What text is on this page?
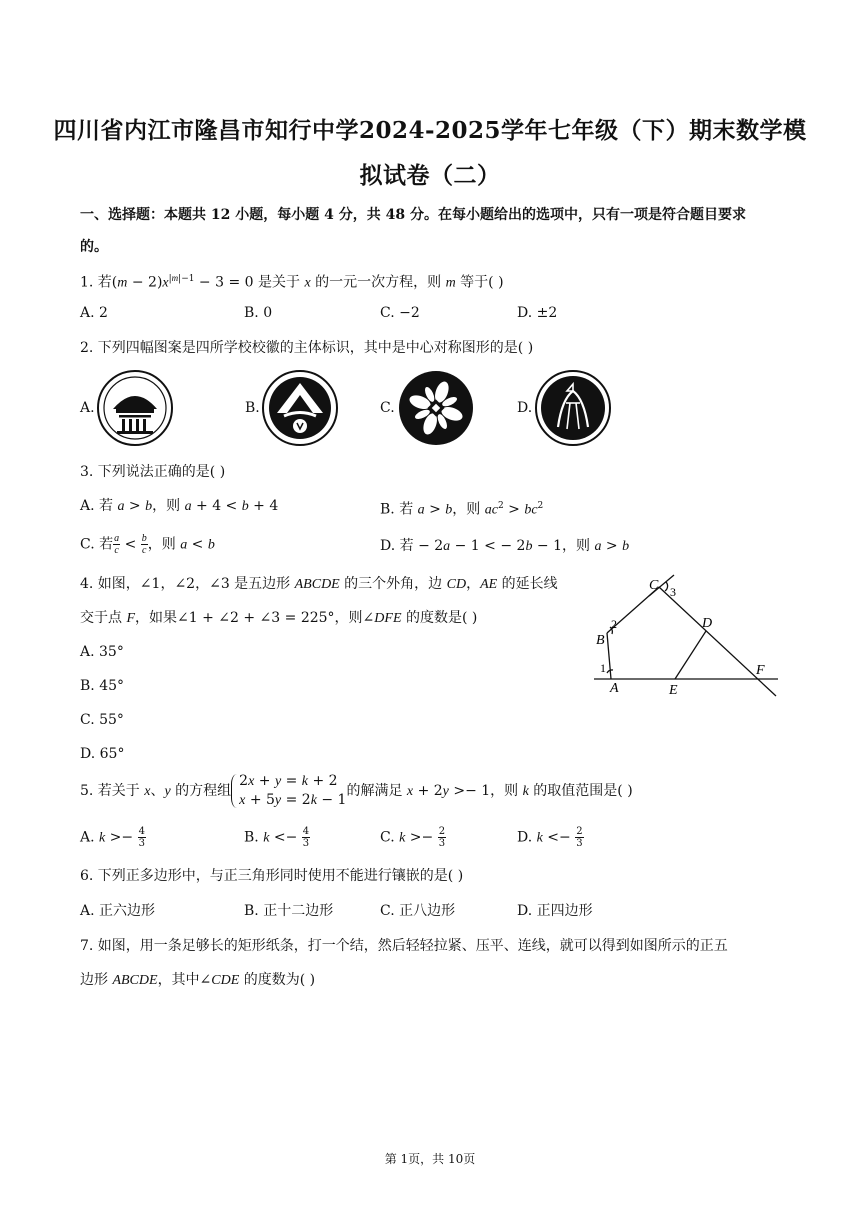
四川省内江市隆昌市知行中学2024-2025学年七年级（下）期末数学模
拟试卷（二）
一、选择题：本题共 12 小题，每小题 4 分，共 48 分。在每小题给出的选项中，只有一项是符合题目要求
的。
1. 若$(m - 2)x^{|m|-1} - 3 = 0$ 是关于 x 的一元一次方程，则 m 等于( )
A. 2	B. 0	C. −2	D. ±2
2. 下列四幅图案是四所学校校徽的主体标识，其中是中心对称图形的是( )
A.	B.	C.	D.
3. 下列说法正确的是( )
A. 若 a > b，则 a + 4 < b + 4	B. 若 a > b，则 $ac^2 > bc^2$
C. 若 $\frac{a}{c} < \frac{b}{c}$ ，则 a < b	D. 若 − 2a − 1 < − 2b − 1，则 a > b
4. 如图，∠1，∠2，∠3 是五边形 ABCDE 的三个外角，边 CD，AE 的延长线
交于点 F，如果∠1 + ∠2 + ∠3 = 225°，则∠DFE 的度数是( )
C 3
2
B
1
A
D
E
F
A. 35°
B. 45°
C. 55°
D. 65°
5. 若关于 x、y 的方程组
2x + y = k + 2
x + 5y = 2k − 1
的解满足 x + 2y >− 1，则 k 的取值范围是( )
A. $k >- \frac{4}{3}$	B. $k <- \frac{4}{3}$	C. $k >- \frac{2}{3}$	D. $k <- \frac{2}{3}$
6. 下列正多边形中，与正三角形同时使用不能进行镶嵌的是( )
A. 正六边形	B. 正十二边形	C. 正八边形	D. 正四边形
7. 如图，用一条足够长的矩形纸条，打一个结，然后轻轻拉紧、压平、连线，就可以得到如图所示的正五
边形 ABCDE，其中∠CDE 的度数为( )
第 1页，共 10页
